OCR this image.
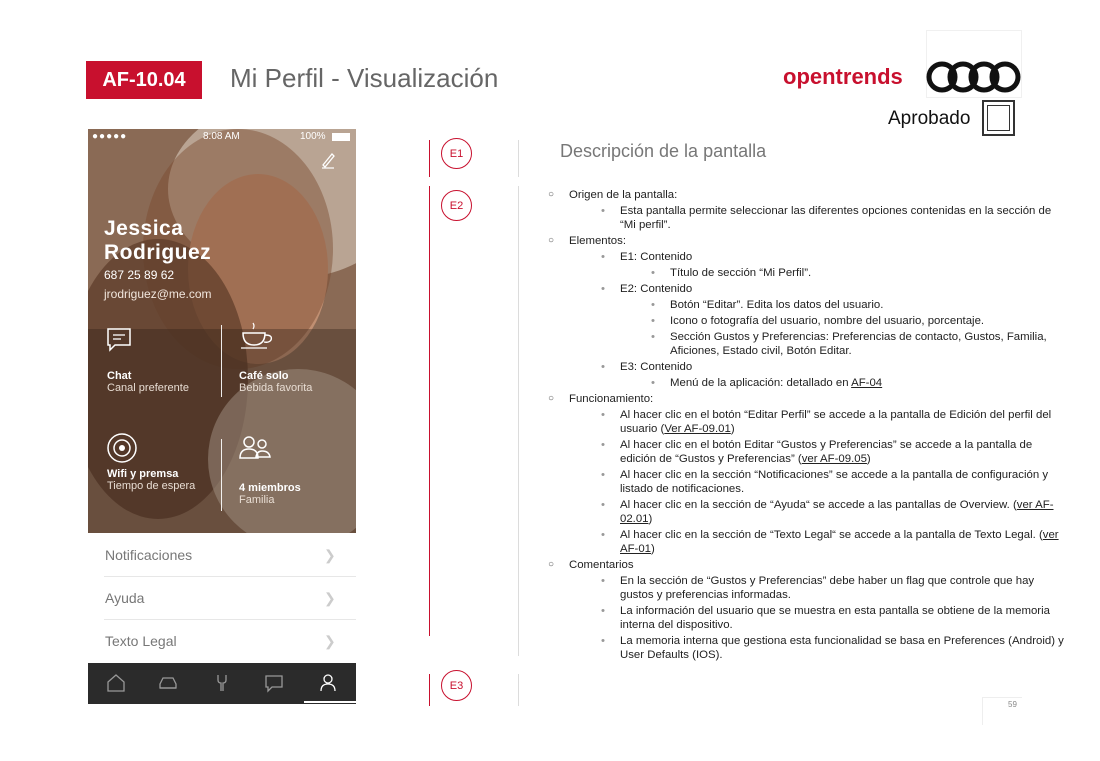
AF-10.04	Mi Perfil - Visualización	opentrends
Aprobado
●●●●●	8:08 AM	100%
Jessica
Rodriguez
687 25 89 62
jrodriguez@me.com
Chat
Canal preferente
Café solo
Bebida favorita
Wifi y premsa
Tiempo de espera	4 miembros
Familia
Notificaciones	❯
Ayuda	❯
Texto Legal	❯
E1
E2
E3
Descripción de la pantalla
○ Origen de la pantalla:
• Esta pantalla permite seleccionar las diferentes opciones contenidas en la sección de “Mi perfil”.
○ Elementos:
• E1: Contenido
• Título de sección “Mi Perfil”.
• E2: Contenido
• Botón “Editar”. Edita los datos del usuario.
• Icono o fotografía del usuario, nombre del usuario, porcentaje.
• Sección Gustos y Preferencias: Preferencias de contacto, Gustos, Familia, Aficiones, Estado civil, Botón Editar.
• E3: Contenido
• Menú de la aplicación: detallado en AF-04
○ Funcionamiento:
• Al hacer clic en el botón “Editar Perfil” se accede a la pantalla de Edición del perfil del usuario (Ver AF-09.01)
• Al hacer clic en el botón Editar “Gustos y Preferencias” se accede a la pantalla de edición de “Gustos y Preferencias” (ver AF-09.05)
• Al hacer clic en la sección “Notificaciones” se accede a la pantalla de configuración y listado de notificaciones.
• Al hacer clic en la sección de “Ayuda“ se accede a las pantallas de Overview. (ver AF-02.01)
• Al hacer clic en la sección de “Texto Legal“ se accede a la pantalla de Texto Legal. (ver AF-01)
○ Comentarios
• En la sección de “Gustos y Preferencias” debe haber un flag que controle que hay gustos y preferencias informadas.
• La información del usuario que se muestra en esta pantalla se obtiene de la memoria interna del dispositivo.
• La memoria interna que gestiona esta funcionalidad se basa en Preferences (Android) y User Defaults (IOS).
59
